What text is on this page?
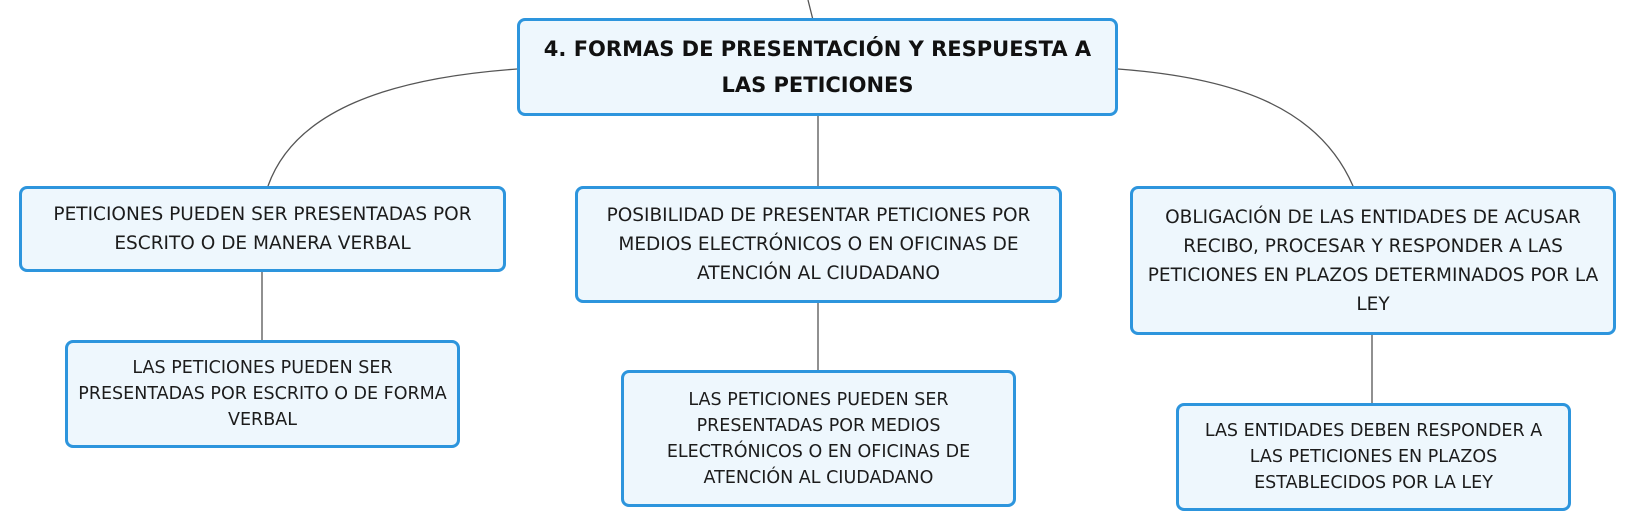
4. FORMAS DE PRESENTACIÓN Y RESPUESTA A LAS PETICIONES
PETICIONES PUEDEN SER PRESENTADAS POR ESCRITO O DE MANERA VERBAL
POSIBILIDAD DE PRESENTAR PETICIONES POR MEDIOS ELECTRÓNICOS O EN OFICINAS DE ATENCIÓN AL CIUDADANO
OBLIGACIÓN DE LAS ENTIDADES DE ACUSAR RECIBO, PROCESAR Y RESPONDER A LAS PETICIONES EN PLAZOS DETERMINADOS POR LA LEY
LAS PETICIONES PUEDEN SER PRESENTADAS POR ESCRITO O DE FORMA VERBAL
LAS PETICIONES PUEDEN SER PRESENTADAS POR MEDIOS ELECTRÓNICOS O EN OFICINAS DE ATENCIÓN AL CIUDADANO
LAS ENTIDADES DEBEN RESPONDER A LAS PETICIONES EN PLAZOS ESTABLECIDOS POR LA LEY
